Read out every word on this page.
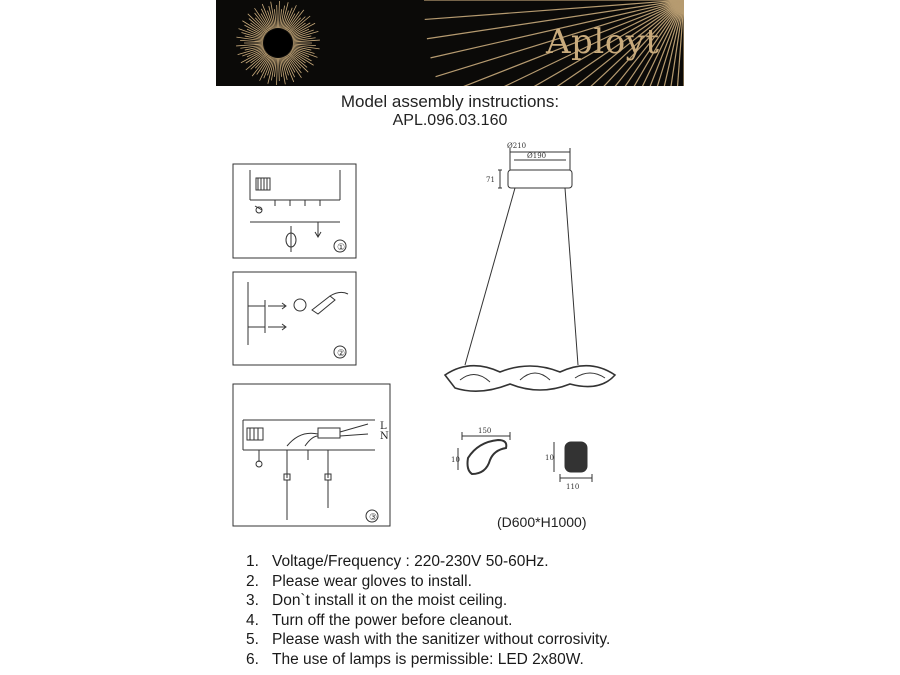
Aployt
Model assembly instructions:
APL.096.03.160
①
②
L
N
③
Ø210
Ø190
71
150
10
110
10
(D600*H1000)
1. Voltage/Frequency : 220-230V 50-60Hz.
2. Please wear gloves to install.
3. Don`t install it on the moist ceiling.
4. Turn off the power before cleanout.
5. Please wash with the sanitizer without corrosivity.
6. The use of lamps is permissible: LED 2x80W.
